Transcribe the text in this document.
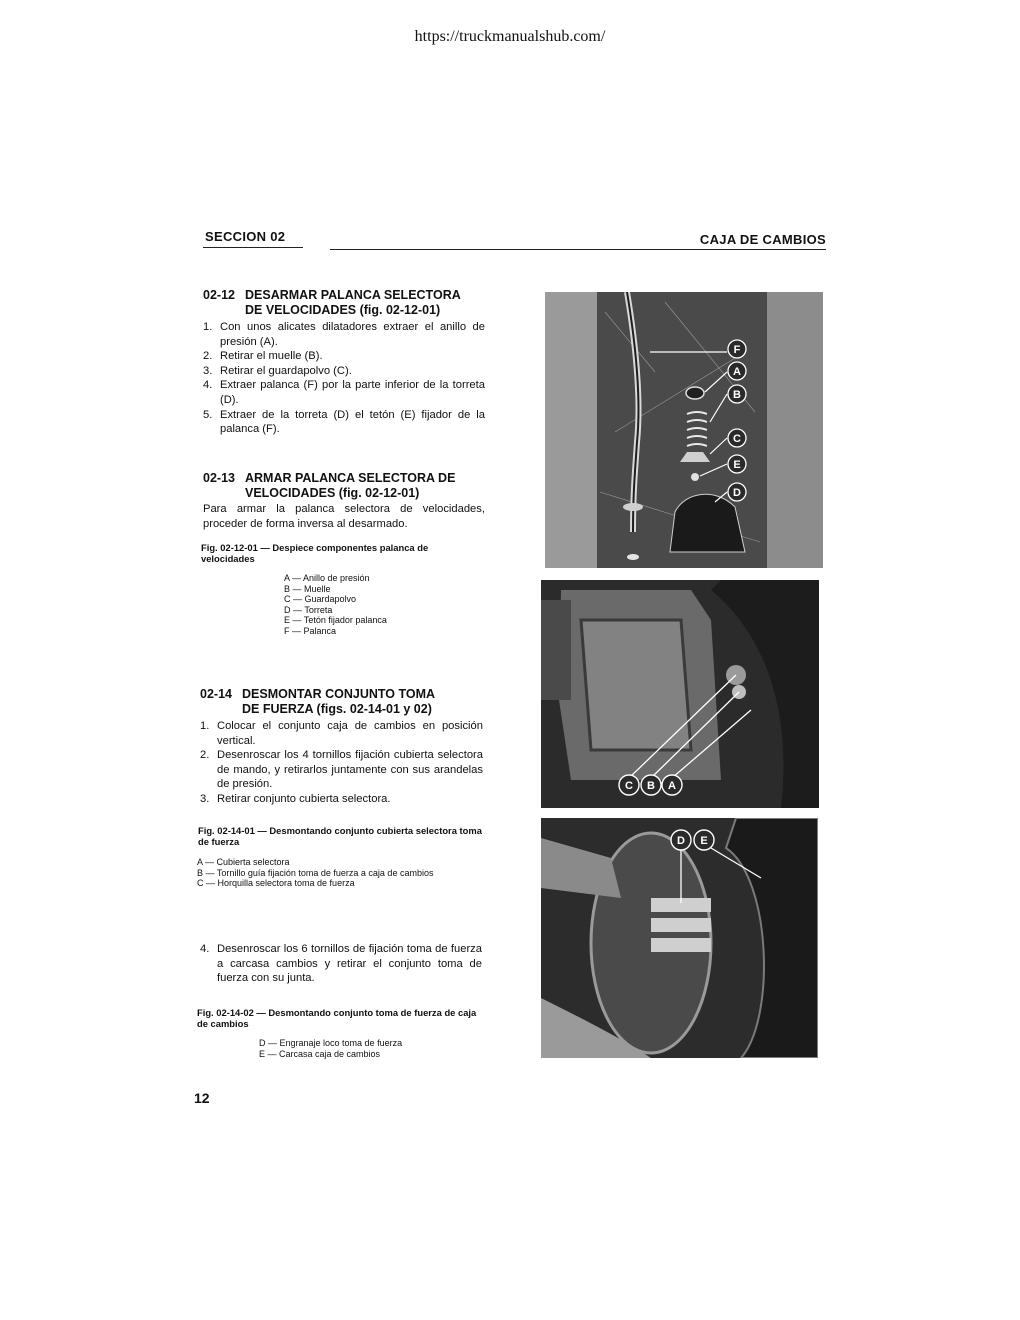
https://truckmanualshub.com/
SECCION 02	CAJA DE CAMBIOS
02-12 DESARMAR PALANCA SELECTORA
DE VELOCIDADES (fig. 02-12-01)
1. Con unos alicates dilatadores extraer el anillo de presión (A).
2. Retirar el muelle (B).
3. Retirar el guardapolvo (C).
4. Extraer palanca (F) por la parte inferior de la torreta (D).
5. Extraer de la torreta (D) el tetón (E) fijador de la palanca (F).
02-13 ARMAR PALANCA SELECTORA DE
VELOCIDADES (fig. 02-12-01)
Para armar la palanca selectora de velocidades, proceder de forma inversa al desarmado.
Fig. 02-12-01 — Despiece componentes palanca de velocidades
A — Anillo de presión
B — Muelle
C — Guardapolvo
D — Torreta
E — Tetón fijador palanca
F — Palanca
02-14 DESMONTAR CONJUNTO TOMA
DE FUERZA (figs. 02-14-01 y 02)
1. Colocar el conjunto caja de cambios en posición vertical.
2. Desenroscar los 4 tornillos fijación cubierta selectora de mando, y retirarlos juntamente con sus arandelas de presión.
3. Retirar conjunto cubierta selectora.
Fig. 02-14-01 — Desmontando conjunto cubierta selectora toma de fuerza
A — Cubierta selectora
B — Tornillo guía fijación toma de fuerza a caja de cambios
C — Horquilla selectora toma de fuerza
4. Desenroscar los 6 tornillos de fijación toma de fuerza a carcasa cambios y retirar el conjunto toma de fuerza con su junta.
Fig. 02-14-02 — Desmontando conjunto toma de fuerza de caja de cambios
D — Engranaje loco toma de fuerza
E — Carcasa caja de cambios
12
F
A
B
C
E
D
C B A
D E
